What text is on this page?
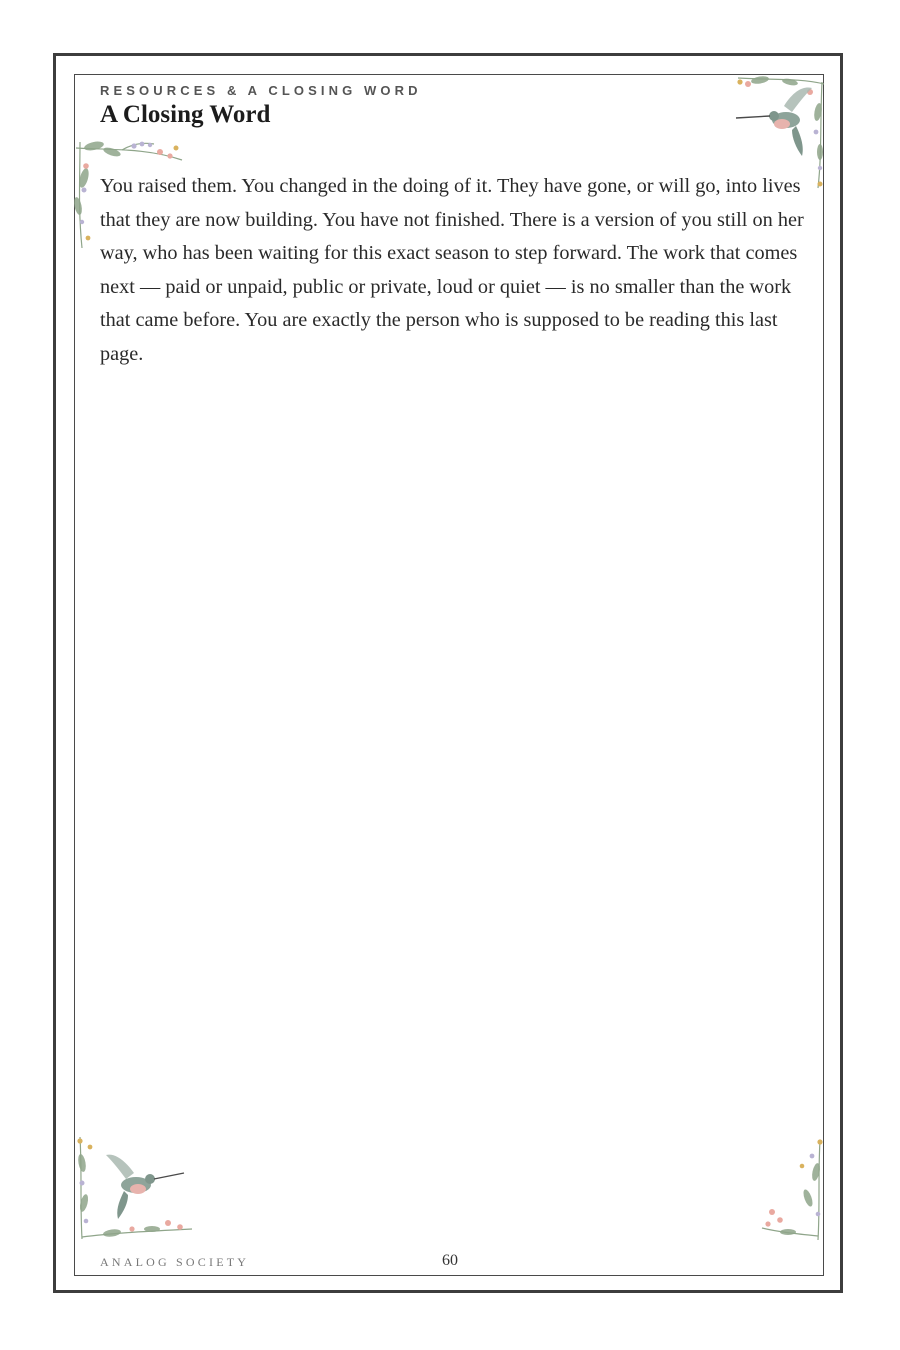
RESOURCES & A CLOSING WORD
A Closing Word

You raised them. You changed in the doing of it. They have gone, or will go, into lives that they are now building. You have not finished. There is a version of you still on her way, who has been waiting for this exact season to step forward. The work that comes next — paid or unpaid, public or private, loud or quiet — is no smaller than the work that came before. You are exactly the person who is supposed to be reading this last page.

ANALOG SOCIETY	60
